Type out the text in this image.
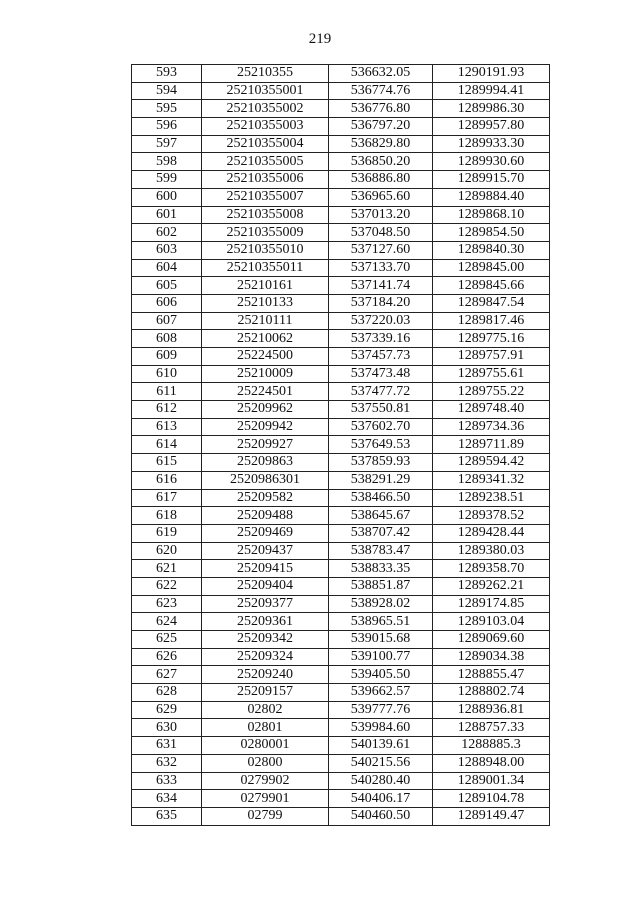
219
593	25210355	536632.05	1290191.93
594	25210355001	536774.76	1289994.41
595	25210355002	536776.80	1289986.30
596	25210355003	536797.20	1289957.80
597	25210355004	536829.80	1289933.30
598	25210355005	536850.20	1289930.60
599	25210355006	536886.80	1289915.70
600	25210355007	536965.60	1289884.40
601	25210355008	537013.20	1289868.10
602	25210355009	537048.50	1289854.50
603	25210355010	537127.60	1289840.30
604	25210355011	537133.70	1289845.00
605	25210161	537141.74	1289845.66
606	25210133	537184.20	1289847.54
607	25210111	537220.03	1289817.46
608	25210062	537339.16	1289775.16
609	25224500	537457.73	1289757.91
610	25210009	537473.48	1289755.61
611	25224501	537477.72	1289755.22
612	25209962	537550.81	1289748.40
613	25209942	537602.70	1289734.36
614	25209927	537649.53	1289711.89
615	25209863	537859.93	1289594.42
616	2520986301	538291.29	1289341.32
617	25209582	538466.50	1289238.51
618	25209488	538645.67	1289378.52
619	25209469	538707.42	1289428.44
620	25209437	538783.47	1289380.03
621	25209415	538833.35	1289358.70
622	25209404	538851.87	1289262.21
623	25209377	538928.02	1289174.85
624	25209361	538965.51	1289103.04
625	25209342	539015.68	1289069.60
626	25209324	539100.77	1289034.38
627	25209240	539405.50	1288855.47
628	25209157	539662.57	1288802.74
629	02802	539777.76	1288936.81
630	02801	539984.60	1288757.33
631	0280001	540139.61	1288885.3
632	02800	540215.56	1288948.00
633	0279902	540280.40	1289001.34
634	0279901	540406.17	1289104.78
635	02799	540460.50	1289149.47
